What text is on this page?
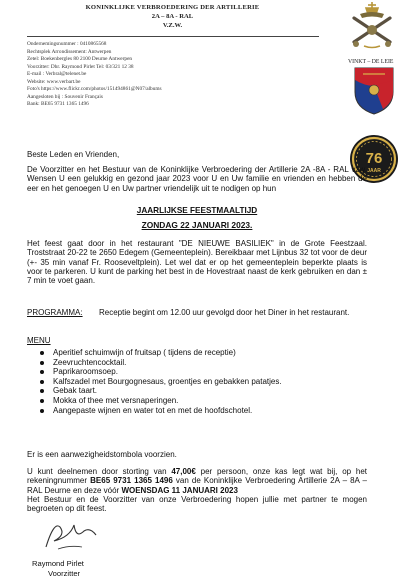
KONINKLIJKE VERBROEDERING DER ARTILLERIE
2A – 8A - RAL
V.Z.W.
VINKT – DE LEIE
76
JAAR
Ondernemingsnummer : 0410865568
Rechtsplek Arrondissement: Antwerpen
Zetel: Boekenbergles 80 2100 Deurne Antwerpen
Voorzitter: Dhr. Raymond Pirlet Tel: 03/321 12 38
E-mail : Verbral@telenet.be
Website: www.verbart.be
Foto's https://www.flickr.com/photos/151494861@N07/albums
Aangesloten bij : Souvenir Français
Bank: BE65 9731 1365 1496
Beste Leden en Vrienden,

De Voorzitter en het Bestuur van de Koninklijke Verbroedering der Artillerie 2A -8A - RAL vzw. Wensen U een gelukkig en gezond jaar 2023 voor U en Uw familie en vrienden en hebben de eer en het genoegen U en Uw partner vriendelijk uit te nodigen op hun

JAARLIJKSE FEESTMAALTIJD
ZONDAG 22 JANUARI 2023.

Het feest gaat door in het restaurant "DE NIEUWE BASILIEK" in de Grote Feestzaal. Troststraat 20-22 te 2650 Edegem (Gemeenteplein). Bereikbaar met Lijnbus 32 tot voor de deur (+- 35 min vanaf Fr. Rooseveltplein). Let wel dat er op het gemeenteplein beperkte plaats is voor te parkeren. U kunt de parking het best in de Hovestraat naast de kerk gebruiken en dan ± 7 min te voet gaan.

PROGRAMMA: Receptie begint om 12.00 uur gevolgd door het Diner in het restaurant.
MENU
Aperitief schuimwijn of fruitsap ( tijdens de receptie)
Zeevruchtencocktail.
Paprikaroomsoep.
Kalfszadel met Bourgognesaus, groentjes en gebakken patatjes.
Gebak taart.
Mokka of thee met versnaperingen.
Aangepaste wijnen en water tot en met de hoofdschotel.
Er is een aanwezigheidstombola voorzien.

U kunt deelnemen door storting van 47,00€ per persoon, onze kas legt wat bij, op het rekeningnummer BE65 9731 1365 1496 van de Koninklijke Verbroedering Artillerie 2A – 8A – RAL Deurne en deze vóór WOENSDAG 11 JANUARI 2023
Het Bestuur en de Voorzitter van onze Verbroedering hopen jullie met partner te mogen begroeten op dit feest.

Raymond Pirlet
Voorzitter
